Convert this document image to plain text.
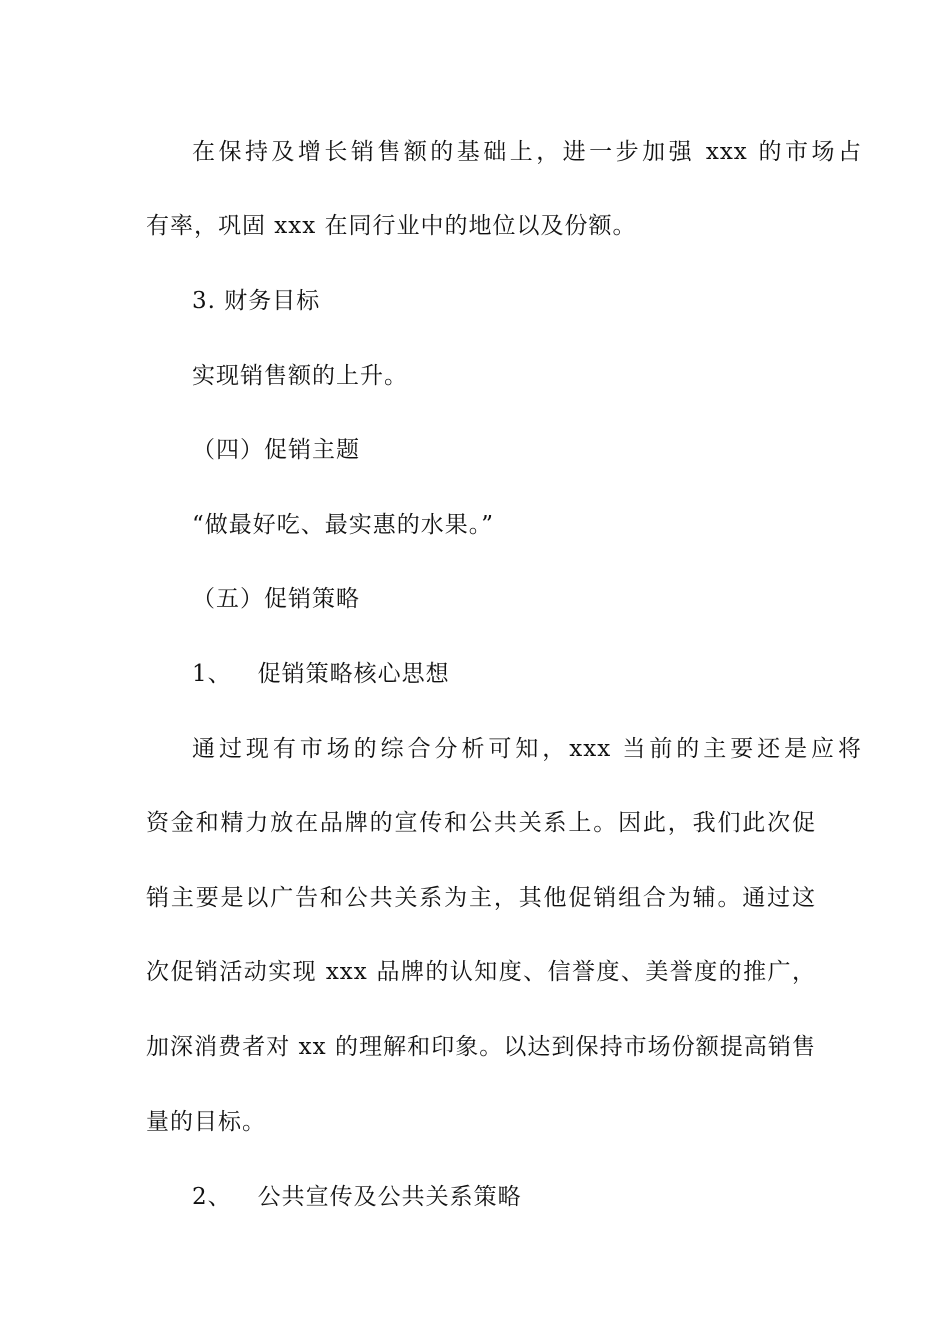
在保持及增长销售额的基础上，进一步加强 xxx 的市场占
有率，巩固 xxx 在同行业中的地位以及份额。
3. 财务目标
实现销售额的上升。
（四）促销主题
“做最好吃、最实惠的水果。”
（五）促销策略
1、 促销策略核心思想
通过现有市场的综合分析可知，xxx 当前的主要还是应将
资金和精力放在品牌的宣传和公共关系上。因此，我们此次促
销主要是以广告和公共关系为主，其他促销组合为辅。通过这
次促销活动实现 xxx 品牌的认知度、信誉度、美誉度的推广，
加深消费者对 xx 的理解和印象。以达到保持市场份额提高销售
量的目标。
2、 公共宣传及公共关系策略
